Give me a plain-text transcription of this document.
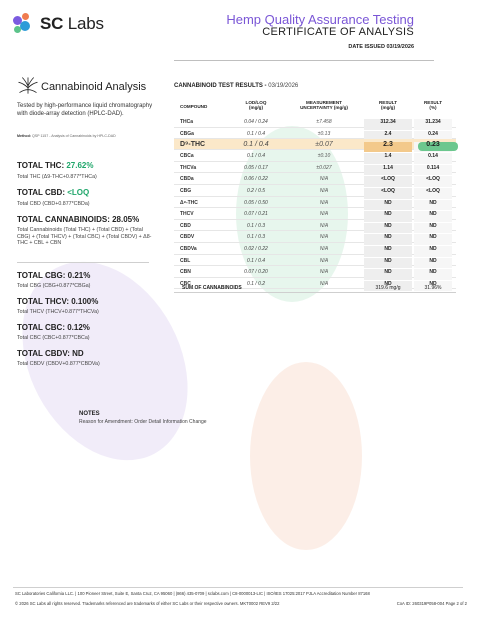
SC Labs	Hemp Quality Assurance Testing
CERTIFICATE OF ANALYSIS
DATE ISSUED 03/19/2026
Cannabinoid Analysis
Tested by high-performance liquid chromatography with diode-array detection (HPLC-DAD).
Method: QSP 1157 - Analysis of Cannabinoids by HPLC-DAD
TOTAL THC: 27.62%
Total THC (Δ9-THC+0.877*THCa)
TOTAL CBD: <LOQ
Total CBD (CBD+0.877*CBDa)
TOTAL CANNABINOIDS: 28.05%
Total Cannabinoids (Total THC) + (Total CBD) + (Total CBG) + (Total THCV) + (Total CBC) + (Total CBDV) + Δ8-THC + CBL + CBN
TOTAL CBG: 0.21%
Total CBG (CBG+0.877*CBGa)
TOTAL THCV: 0.100%
Total THCV (THCV+0.877*THCVa)
TOTAL CBC: 0.12%
Total CBC (CBC+0.877*CBCa)
TOTAL CBDV: ND
Total CBDV (CBDV+0.877*CBDVa)
CANNABINOID TEST RESULTS - 03/19/2026
COMPOUND
LOD/LOQ
(mg/g)
MEASUREMENT
UNCERTAINTY (mg/g)
RESULT
(mg/g)
RESULT
(%)
THCa	0.04 / 0.24	±7.458	312.34	31.234
CBGa	0.1 / 0.4	±0.13	2.4	0.24
D⁹-THC	0.1 / 0.4	±0.07	2.3	0.23
CBCa	0.1 / 0.4	±0.10	1.4	0.14
THCVa	0.05 / 0.17	±0.027	1.14	0.114
CBDa	0.06 / 0.22	N/A	<LOQ	<LOQ
CBG	0.2 / 0.5	N/A	<LOQ	<LOQ
Δ⁸-THC	0.05 / 0.50	N/A	ND	ND
THCV	0.07 / 0.21	N/A	ND	ND
CBD	0.1 / 0.3	N/A	ND	ND
CBDV	0.1 / 0.3	N/A	ND	ND
CBDVa	0.02 / 0.22	N/A	ND	ND
CBL	0.1 / 0.4	N/A	ND	ND
CBN	0.07 / 0.20	N/A	ND	ND
CBC	0.1 / 0.2	N/A	ND	ND
SUM OF CANNABINOIDS	319.6 mg/g	31.96%
NOTES
Reason for Amendment: Order Detail Information Change
SC Laboratories California LLC. | 100 Pioneer Street, Suite E, Santa Cruz, CA 95060 | (866) 435-0709 | sclabs.com | C8-0000013-LIC | ISO/IES 17025:2017 PJLA Accreditation Number 87168
© 2026 SC Labs all rights reserved. Trademarks referenced are trademarks of either SC Labs or their respective owners. MKT0002 REV9 2/22	CoA ID: 260319P058-004 Page 2 of 2
